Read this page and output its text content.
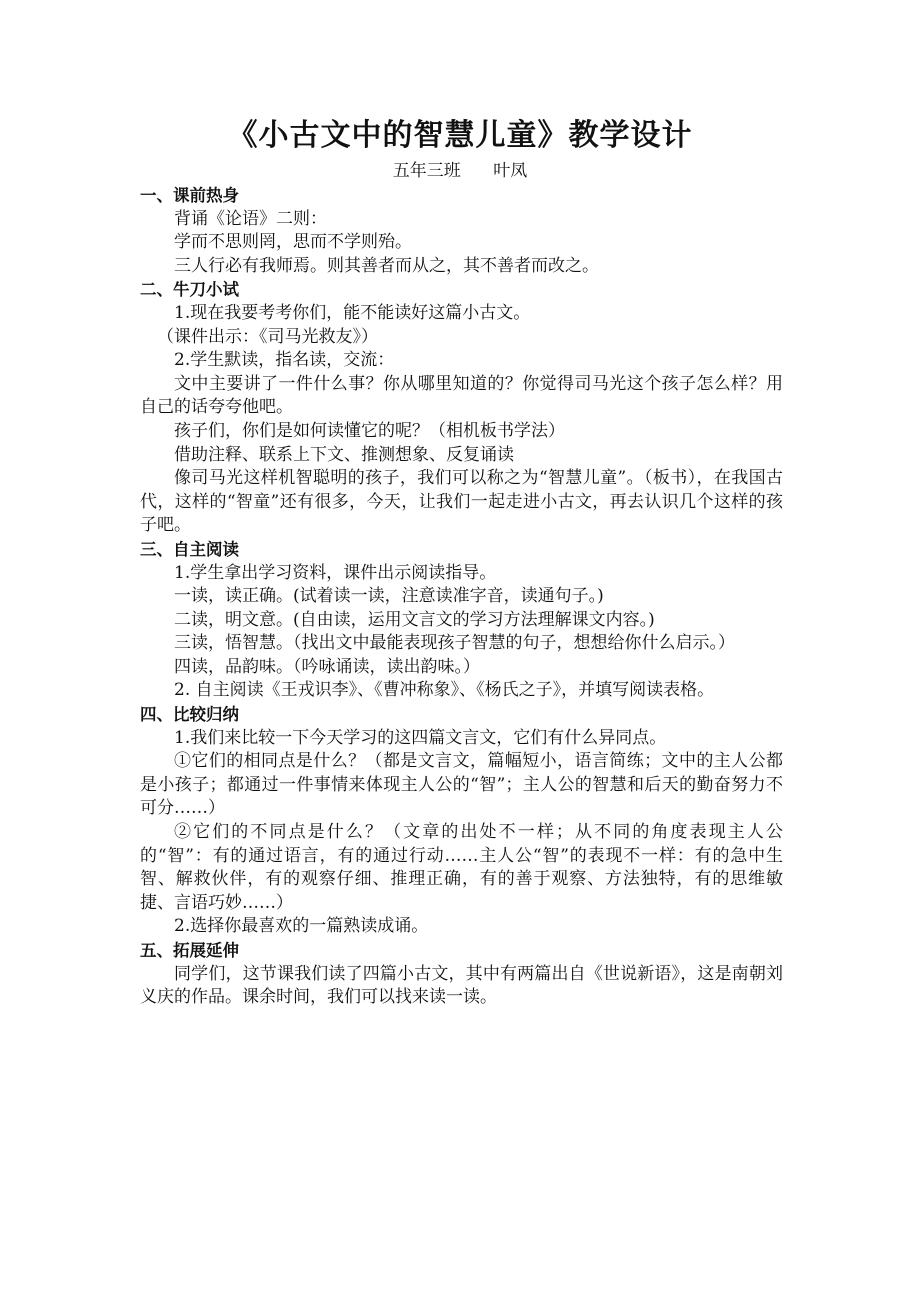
《小古文中的智慧儿童》教学设计
五年三班      叶凤
一、课前热身
背诵《论语》二则：
学而不思则罔，思而不学则殆。
三人行必有我师焉。则其善者而从之，其不善者而改之。
二、牛刀小试
1.现在我要考考你们，能不能读好这篇小古文。
（课件出示：《司马光救友》）
2.学生默读，指名读，交流：
文中主要讲了一件什么事？你从哪里知道的？你觉得司马光这个孩子怎么样？用自己的话夸夸他吧。
孩子们，你们是如何读懂它的呢？（相机板书学法）
借助注释、联系上下文、推测想象、反复诵读
像司马光这样机智聪明的孩子，我们可以称之为“智慧儿童”。（板书），在我国古代，这样的“智童”还有很多，今天，让我们一起走进小古文，再去认识几个这样的孩子吧。
三、自主阅读
1.学生拿出学习资料，课件出示阅读指导。
一读，读正确。(试着读一读，注意读准字音，读通句子。)
二读，明文意。(自由读，运用文言文的学习方法理解课文内容。)
三读，悟智慧。（找出文中最能表现孩子智慧的句子，想想给你什么启示。）
四读，品韵味。（吟咏诵读，读出韵味。）
2. 自主阅读《王戎识李》、《曹冲称象》、《杨氏之子》，并填写阅读表格。
四、比较归纳
1.我们来比较一下今天学习的这四篇文言文，它们有什么异同点。
①它们的相同点是什么？（都是文言文，篇幅短小，语言简练；文中的主人公都是小孩子；都通过一件事情来体现主人公的“智”；主人公的智慧和后天的勤奋努力不可分……）
②它们的不同点是什么？（文章的出处不一样；从不同的角度表现主人公的“智”：有的通过语言，有的通过行动……主人公“智”的表现不一样：有的急中生智、解救伙伴，有的观察仔细、推理正确，有的善于观察、方法独特，有的思维敏捷、言语巧妙……）
2.选择你最喜欢的一篇熟读成诵。
五、拓展延伸
同学们，这节课我们读了四篇小古文，其中有两篇出自《世说新语》，这是南朝刘义庆的作品。课余时间，我们可以找来读一读。
